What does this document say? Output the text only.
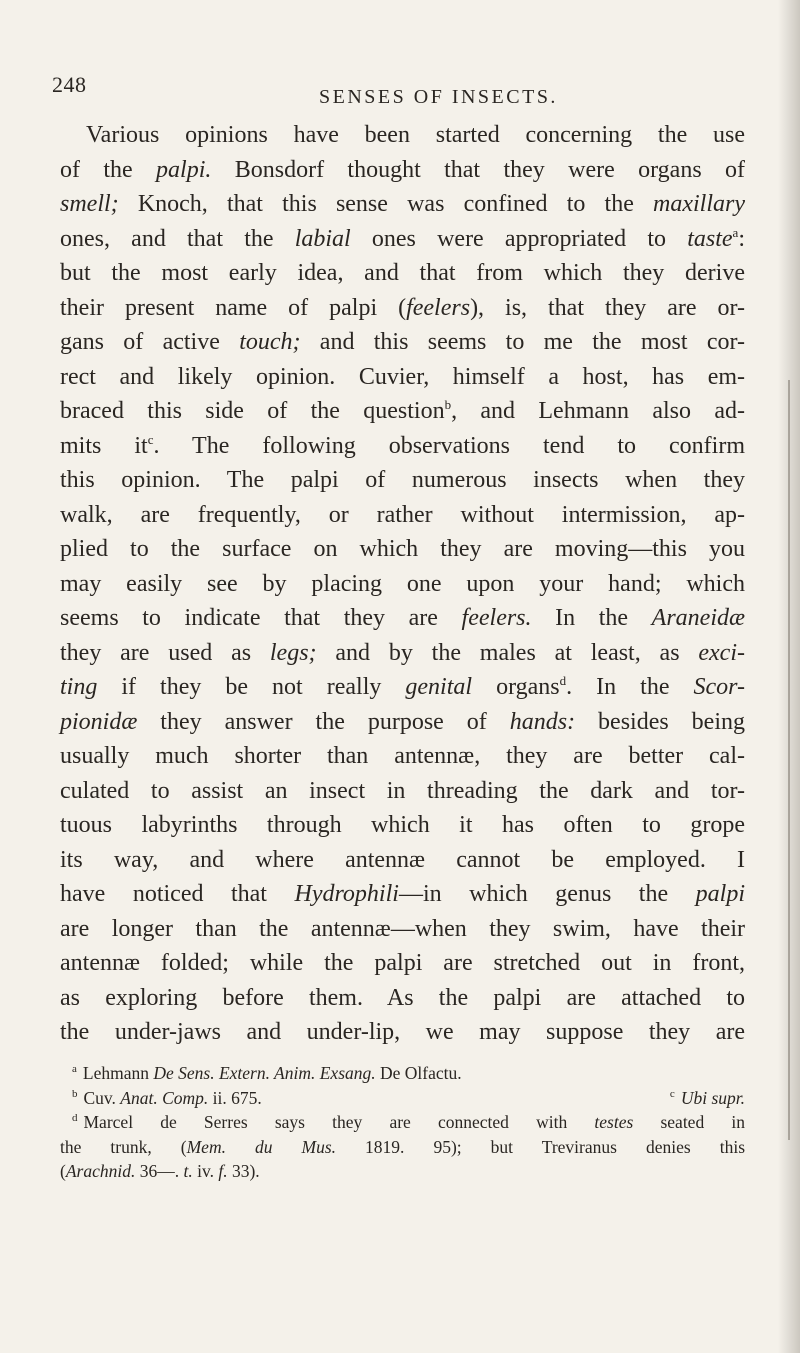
248	SENSES OF INSECTS.
Various opinions have been started concerning the use
of the palpi. Bonsdorf thought that they were organs of
smell; Knoch, that this sense was confined to the maxillary
ones, and that the labial ones were appropriated to taste$^a$:
but the most early idea, and that from which they derive
their present name of palpi (feelers), is, that they are or-
gans of active touch; and this seems to me the most cor-
rect and likely opinion. Cuvier, himself a host, has em-
braced this side of the question$^b$, and Lehmann also ad-
mits $it^c$. The following observations tend to confirm
this opinion. The palpi of numerous insects when they
walk, are frequently, or rather without intermission, ap-
plied to the surface on which they are moving—this you
may easily see by placing one upon your hand; which
seems to indicate that they are feelers. In the Araneidæ
they are used as legs; and by the males at least, as exci-
ting if they be not really genital organs$^d$. In the Scor-
pionidæ they answer the purpose of hands: besides being
usually much shorter than antennæ, they are better cal-
culated to assist an insect in threading the dark and tor-
tuous labyrinths through which it has often to grope
its way, and where antennæ cannot be employed. I
have noticed that Hydrophili—in which genus the palpi
are longer than the antennæ—when they swim, have their
antennæ folded; while the palpi are stretched out in front,
as exploring before them. As the palpi are attached to
the under-jaws and under-lip, we may suppose they are
$^a$ Lehmann De Sens. Extern. Anim. Exsang. De Olfactu.
$^b$ Cuv. Anat. Comp. ii. 675.	$^c$ Ubi supr.
$^d$ Marcel de Serres says they are connected with testes seated in
the trunk, (Mem. du Mus. 1819. 95); but Treviranus denies this
(Arachnid. 36—. t. iv. f. 33).
